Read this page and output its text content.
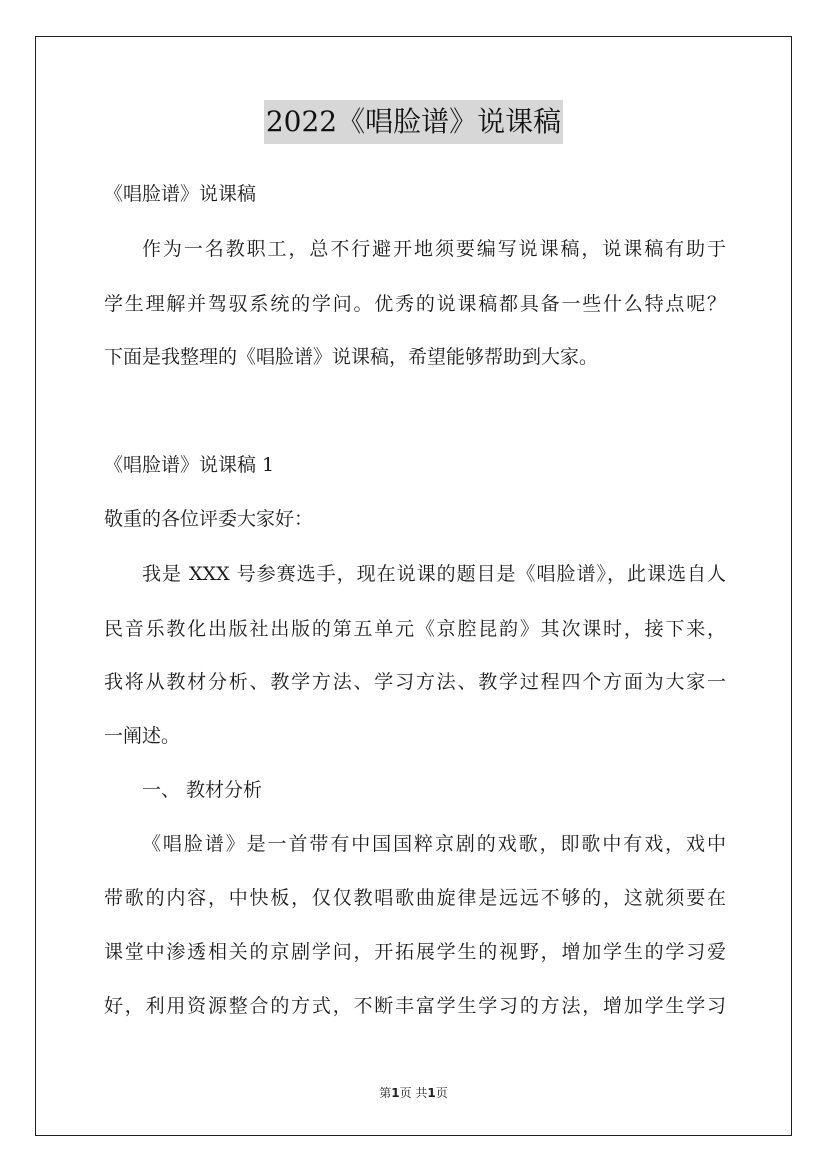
2022《唱脸谱》说课稿
《唱脸谱》说课稿
作为一名教职工，总不行避开地须要编写说课稿，说课稿有助于
学生理解并驾驭系统的学问。优秀的说课稿都具备一些什么特点呢？
下面是我整理的《唱脸谱》说课稿，希望能够帮助到大家。
《唱脸谱》说课稿 1
敬重的各位评委大家好：
我是 XXX 号参赛选手，现在说课的题目是《唱脸谱》，此课选自人
民音乐教化出版社出版的第五单元《京腔昆韵》其次课时，接下来，
我将从教材分析、教学方法、学习方法、教学过程四个方面为大家一
一阐述。
一、 教材分析
《唱脸谱》是一首带有中国国粹京剧的戏歌，即歌中有戏，戏中
带歌的内容，中快板，仅仅教唱歌曲旋律是远远不够的，这就须要在
课堂中渗透相关的京剧学问，开拓展学生的视野，增加学生的学习爱
好，利用资源整合的方式，不断丰富学生学习的方法，增加学生学习
第1页 共1页
